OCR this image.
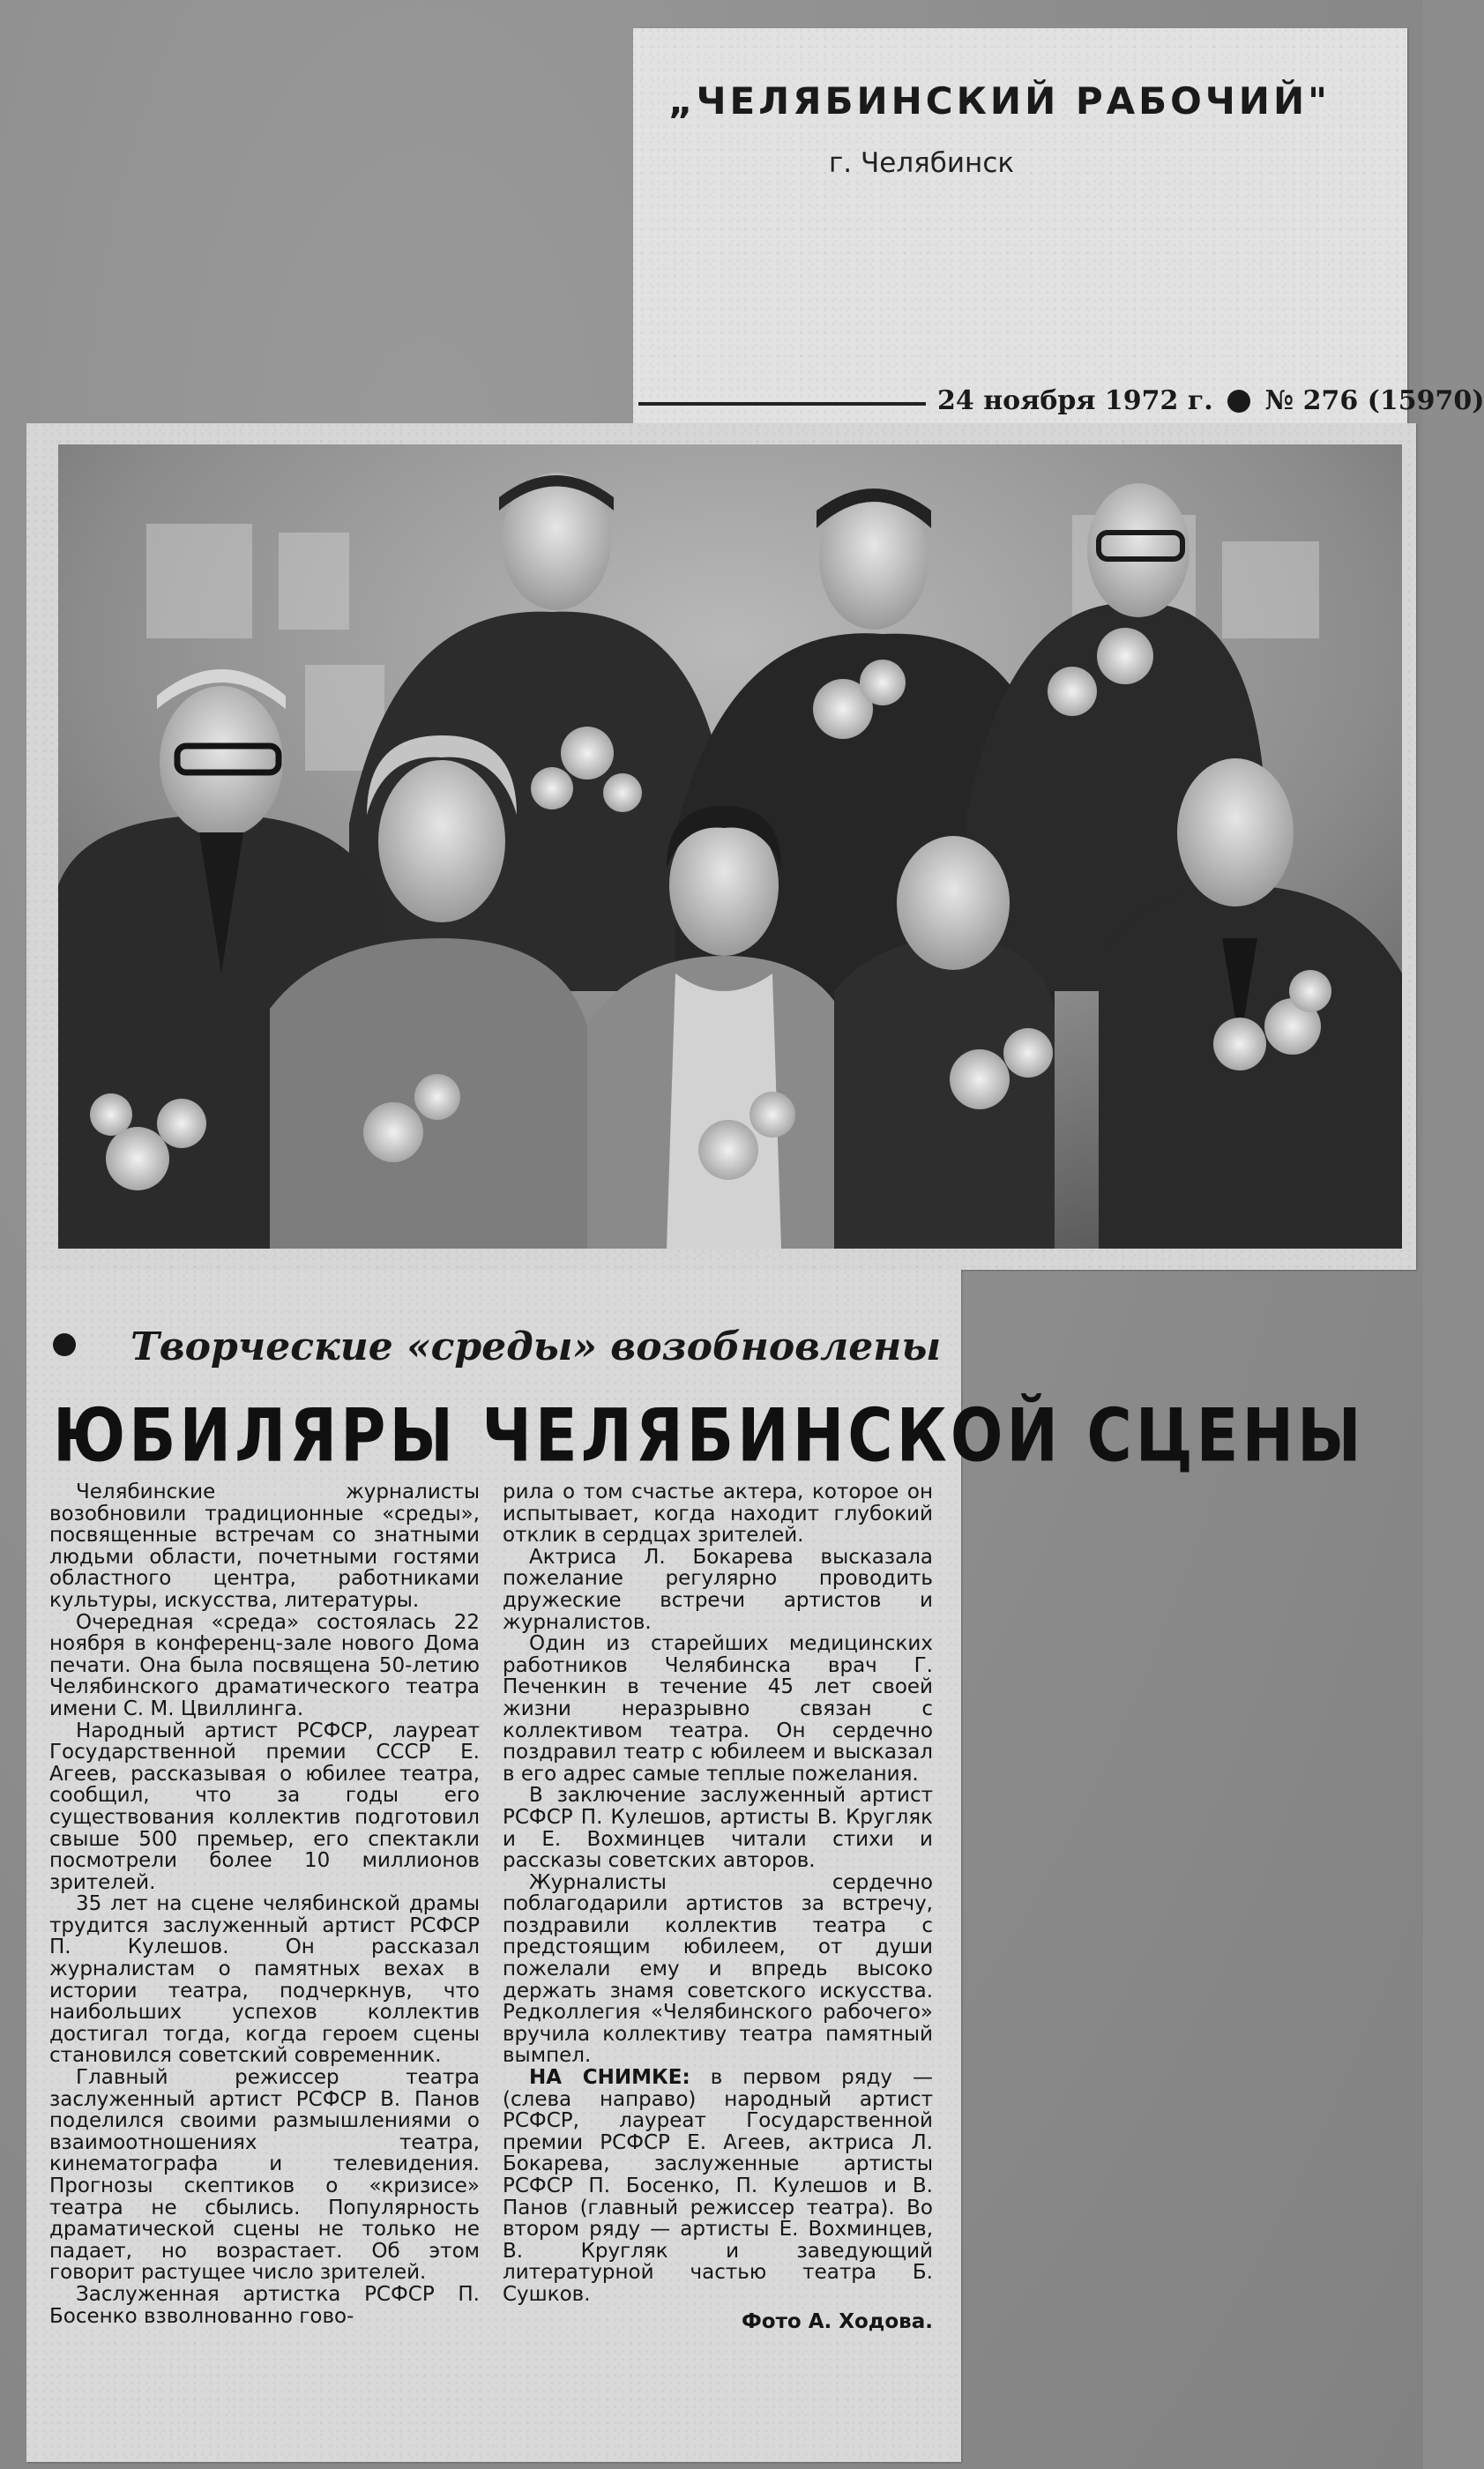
„ЧЕЛЯБИНСКИЙ РАБОЧИЙ"
г. Челябинск
24 ноября 1972 г. № 276 (15970)
Творческие «среды» возобновлены
ЮБИЛЯРЫ ЧЕЛЯБИНСКОЙ СЦЕНЫ

Челябинские журналисты возобновили традиционные «среды», посвященные встречам со знатными людьми области, почетными гостями областного центра, работниками культуры, искусства, литературы.

Очередная «среда» состоялась 22 ноября в конференц-зале нового Дома печати. Она была посвящена 50-летию Челябинского драматического театра имени С. М. Цвиллинга.

Народный артист РСФСР, лауреат Государственной премии СССР Е. Агеев, рассказывая о юбилее театра, сообщил, что за годы его существования коллектив подготовил свыше 500 премьер, его спектакли посмотрели более 10 миллионов зрителей.

35 лет на сцене челябинской драмы трудится заслуженный артист РСФСР П. Кулешов. Он рассказал журналистам о памятных вехах в истории театра, подчеркнув, что наибольших успехов коллектив достигал тогда, когда героем сцены становился советский современник.

Главный режиссер театра заслуженный артист РСФСР В. Панов поделился своими размышлениями о взаимоотношениях театра, кинематографа и телевидения. Прогнозы скептиков о «кризисе» театра не сбылись. Популярность драматической сцены не только не падает, но возрастает. Об этом говорит растущее число зрителей.

Заслуженная артистка РСФСР П. Босенко взволнованно гово-

рила о том счастье актера, которое он испытывает, когда находит глубокий отклик в сердцах зрителей.

Актриса Л. Бокарева высказала пожелание регулярно проводить дружеские встречи артистов и журналистов.

Один из старейших медицинских работников Челябинска врач Г. Печенкин в течение 45 лет своей жизни неразрывно связан с коллективом театра. Он сердечно поздравил театр с юбилеем и высказал в его адрес самые теплые пожелания.

В заключение заслуженный артист РСФСР П. Кулешов, артисты В. Кругляк и Е. Вохминцев читали стихи и рассказы советских авторов.

Журналисты сердечно поблагодарили артистов за встречу, поздравили коллектив театра с предстоящим юбилеем, от души пожелали ему и впредь высоко держать знамя советского искусства. Редколлегия «Челябинского рабочего» вручила коллективу театра памятный вымпел.

НА СНИМКЕ: в первом ряду — (слева направо) народный артист РСФСР, лауреат Государственной премии РСФСР Е. Агеев, актриса Л. Бокарева, заслуженные артисты РСФСР П. Босенко, П. Кулешов и В. Панов (главный режиссер театра). Во втором ряду — артисты Е. Вохминцев, В. Кругляк и заведующий литературной частью театра Б. Сушков.

Фото А. Ходова.
